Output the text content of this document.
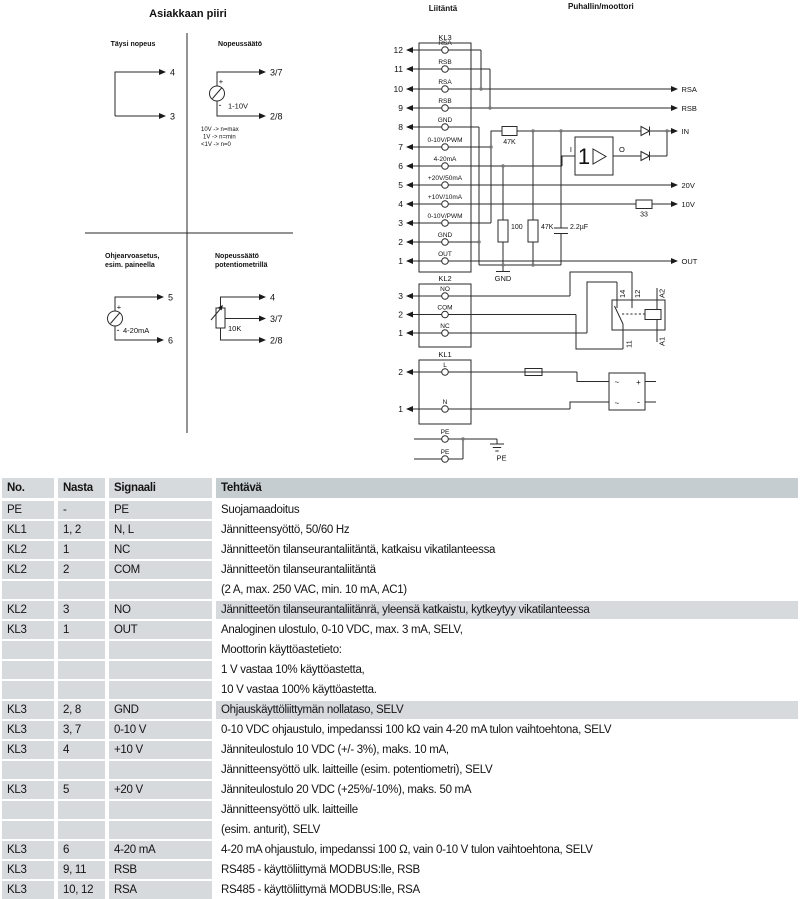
Asiakkaan piiri	Liitäntä	Puhallin/moottori
Täysi nopeus
4
3
Nopeussäätö
+
- 1-10V
3/7
2/8
10V -> n=max
1V -> n=min
<1V -> n=0
Ohjearvoasetus,
esim. paineella
+
- 4-20mA
5
6
Nopeussäätö
potentiometrillä
4
3/7
2/8
10K
KL3
12
11
10
9
8
7
6
5
4
3
2
1
RSA
RSB
RSA
RSB
GND
0-10V/PWM
4-20mA
+20V/50mA
+10V/10mA
0-10V/PWM
GND
OUT
47K
100	47K 2.2µF
GND
33
1
I	O
RSA
RSB
IN
20V
10V
OUT
KL2
3
2
1
NO
COM
NC
14 12 A2
11	A1
KL1
2
1
L
N
~
~
+
-
PE
PE
PE
No.	Nasta	Signaali	Tehtävä
PE	-	PE	Suojamaadoitus
KL1	1, 2	N, L	Jännitteensyöttö, 50/60 Hz
KL2	1	NC	Jännitteetön tilanseurantaliitäntä, katkaisu vikatilanteessa
KL2	2	COM	Jännitteetön tilanseurantaliitäntä
(2 A, max. 250 VAC, min. 10 mA, AC1)
KL2	3	NO	Jännitteetön tilanseurantaliitänrä, yleensä katkaistu, kytkeytyy vikatilanteessa
KL3	1	OUT	Analoginen ulostulo, 0-10 VDC, max. 3 mA, SELV,
Moottorin käyttöastetieto:
1 V vastaa 10% käyttöastetta,
10 V vastaa 100% käyttöastetta.
KL3	2, 8	GND	Ohjauskäyttöliittymän nollataso, SELV
KL3	3, 7	0-10 V	0-10 VDC ohjaustulo, impedanssi 100 kΩ vain 4-20 mA tulon vaihtoehtona, SELV
KL3	4	+10 V	Jänniteulostulo 10 VDC (+/- 3%), maks. 10 mA,
Jännitteensyöttö ulk. laitteille (esim. potentiometri), SELV
KL3	5	+20 V	Jänniteulostulo 20 VDC (+25%/-10%), maks. 50 mA
Jännitteensyöttö ulk. laitteille
(esim. anturit), SELV
KL3	6	4-20 mA	4-20 mA ohjaustulo, impedanssi 100 Ω, vain 0-10 V tulon vaihtoehtona, SELV
KL3	9, 11	RSB	RS485 - käyttöliittymä MODBUS:lle, RSB
KL3	10, 12	RSA	RS485 - käyttöliittymä MODBUS:lle, RSA
